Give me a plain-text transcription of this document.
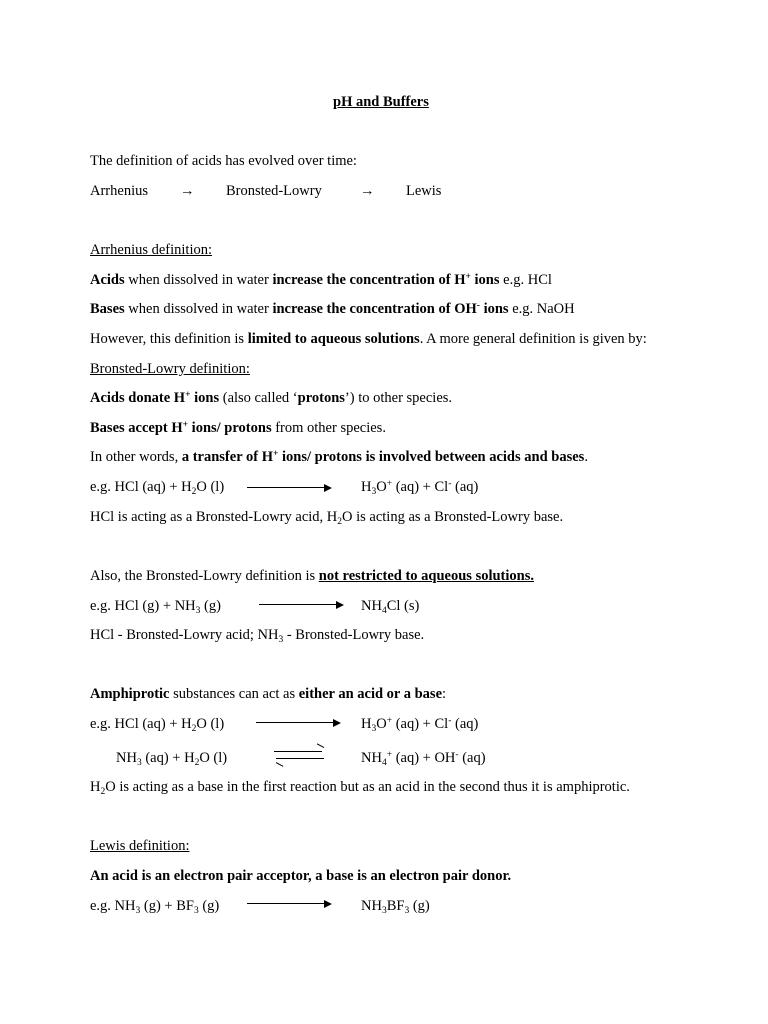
pH and Buffers
The definition of acids has evolved over time:
Arrhenius → Bronsted-Lowry	→ Lewis
Arrhenius definition:
Acids when dissolved in water increase the concentration of H+ ions e.g. HCl
Bases when dissolved in water increase the concentration of OH- ions e.g. NaOH
However, this definition is limited to aqueous solutions. A more general definition is given by:
Bronsted-Lowry definition:
Acids donate H+ ions (also called ‘protons’) to other species.
Bases accept H+ ions/ protons from other species.
In other words, a transfer of H+ ions/ protons is involved between acids and bases.
e.g. HCl $(aq) + H_2O$ (l)	$H_3O^+$ (aq) + Cl- (aq)
HCl is acting as a Bronsted-Lowry acid, $H_2O$ is acting as a Bronsted-Lowry base.
Also, the Bronsted-Lowry definition is not restricted to aqueous solutions.
e.g. HCl $(g) + NH_3$ (g)	$NH_4Cl$ (s)
HCl - Bronsted-Lowry acid; $NH_3$ - Bronsted-Lowry base.
Amphiprotic substances can act as either an acid or a base:
e.g. HCl $(aq) + H_2O$ (l)	$H_3O^+$ (aq) + Cl- (aq)
$NH_3$ $(aq) + H_2O$ (l)	$NH_4^+$ (aq) + OH- (aq)
$H_2O$ is acting as a base in the first reaction but as an acid in the second thus it is amphiprotic.
Lewis definition:
An acid is an electron pair acceptor, a base is an electron pair donor.
e.g. $NH_3$ $(g) + BF_3$ (g)	$NH_3BF_3$ (g)
